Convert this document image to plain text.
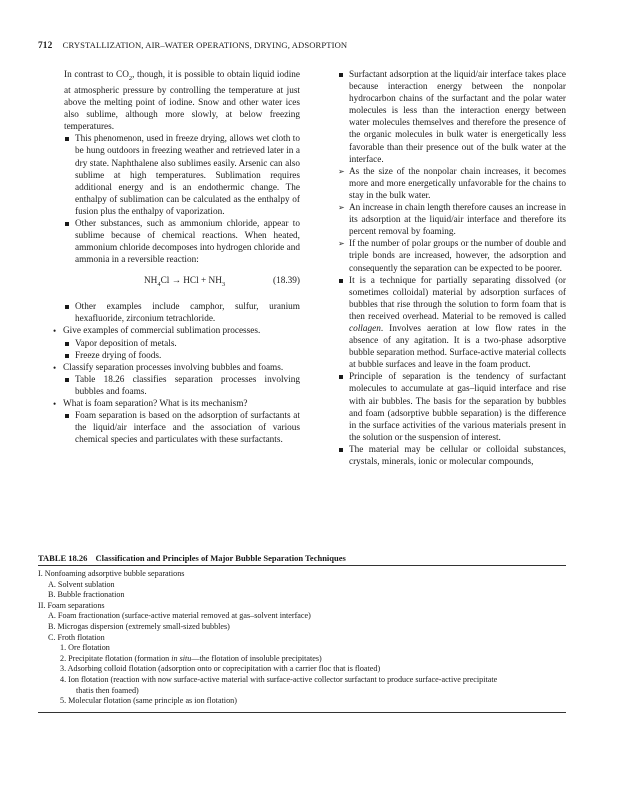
712 CRYSTALLIZATION, AIR–WATER OPERATIONS, DRYING, ADSORPTION

In contrast to $CO_2$, though, it is possible to obtain liquid iodine at atmospheric pressure by controlling the temperature at just above the melting point of iodine. Snow and other water ices also sublime, although more slowly, at below freezing temperatures.

This phenomenon, used in freeze drying, allows wet cloth to be hung outdoors in freezing weather and retrieved later in a dry state. Naphthalene also sublimes easily. Arsenic can also sublime at high temperatures. Sublimation requires additional energy and is an endothermic change. The enthalpy of sublimation can be calculated as the enthalpy of fusion plus the enthalpy of vaporization.
Other substances, such as ammonium chloride, appear to sublime because of chemical reactions. When heated, ammonium chloride decomposes into hydrogen chloride and ammonia in a reversible reaction:
$NH_4Cl$ → HCl + $NH_3$	(18.39)
Other examples include camphor, sulfur, uranium hexafluoride, zirconium tetrachloride.
• Give examples of commercial sublimation processes.
Vapor deposition of metals.
Freeze drying of foods.
• Classify separation processes involving bubbles and foams.
Table 18.26 classifies separation processes involving bubbles and foams.
• What is foam separation? What is its mechanism?
Foam separation is based on the adsorption of surfactants at the liquid/air interface and the association of various chemical species and particulates with these surfactants.
Surfactant adsorption at the liquid/air interface takes place because interaction energy between the nonpolar hydrocarbon chains of the surfactant and the polar water molecules is less than the interaction energy between water molecules themselves and therefore the presence of the organic molecules in bulk water is energetically less favorable than their presence out of the bulk water at the interface.
➢ As the size of the nonpolar chain increases, it becomes more and more energetically unfavorable for the chains to stay in the bulk water.
➢ An increase in chain length therefore causes an increase in its adsorption at the liquid/air interface and therefore its percent removal by foaming.
➢ If the number of polar groups or the number of double and triple bonds are increased, however, the adsorption and consequently the separation can be expected to be poorer.
It is a technique for partially separating dissolved (or sometimes colloidal) material by adsorption surfaces of bubbles that rise through the solution to form foam that is then received overhead. Material to be removed is called collagen. Involves aeration at low flow rates in the absence of any agitation. It is a two-phase adsorptive bubble separation method. Surface-active material collects at bubble surfaces and leave in the foam product.
Principle of separation is the tendency of surfactant molecules to accumulate at gas–liquid interface and rise with air bubbles. The basis for the separation by bubbles and foam (adsorptive bubble separation) is the difference in the surface activities of the various materials present in the solution or the suspension of interest.
The material may be cellular or colloidal substances, crystals, minerals, ionic or molecular compounds,
TABLE 18.26 Classification and Principles of Major Bubble Separation Techniques
I. Nonfoaming adsorptive bubble separations
A. Solvent sublation
B. Bubble fractionation
II. Foam separations
A. Foam fractionation (surface-active material removed at gas–solvent interface)
B. Microgas dispersion (extremely small-sized bubbles)
C. Froth flotation
1. Ore flotation
2. Precipitate flotation (formation in situ—the flotation of insoluble precipitates)
3. Adsorbing colloid flotation (adsorption onto or coprecipitation with a carrier floc that is floated)
4. Ion flotation (reaction with now surface-active material with surface-active collector surfactant to produce surface-active precipitate
thatis then foamed)
5. Molecular flotation (same principle as ion flotation)
